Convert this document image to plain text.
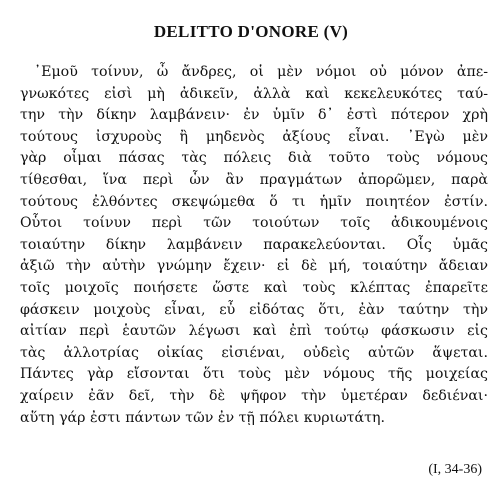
DELITTO D'ONORE (V)
᾽Εμοῦ τοίνυν, ὦ ἄνδρες, οἱ μὲν νόμοι οὐ μόνον ἀπε-
γνωκότες εἰσὶ μὴ ἀδικεῖν, ἀλλὰ καὶ κεκελευκότες ταύ-
την τὴν δίκην λαμβάνειν· ἐν ὑμῖν δ᾽ ἐστὶ πότερον χρὴ
τούτους ἰσχυροὺς ἢ μηδενὸς ἀξίους εἶναι. ᾽Εγὼ μὲν
γὰρ οἶμαι πάσας τὰς πόλεις διὰ τοῦτο τοὺς νόμους
τίθεσθαι, ἵνα περὶ ὧν ἂν πραγμάτων ἀπορῶμεν, παρὰ
τούτους ἐλθόντες σκεψώμεθα ὅ τι ἡμῖν ποιητέον ἐστίν.
Οὗτοι τοίνυν περὶ τῶν τοιούτων τοῖς ἀδικουμένοις
τοιαύτην δίκην λαμβάνειν παρακελεύονται. Οἷς ὑμᾶς
ἀξιῶ τὴν αὐτὴν γνώμην ἔχειν· εἰ δὲ μή, τοιαύτην ἄδειαν
τοῖς μοιχοῖς ποιήσετε ὥστε καὶ τοὺς κλέπτας ἐπαρεῖτε
φάσκειν μοιχοὺς εἶναι, εὖ εἰδότας ὅτι, ἐὰν ταύτην τὴν
αἰτίαν περὶ ἑαυτῶν λέγωσι καὶ ἐπὶ τούτῳ φάσκωσιν εἰς
τὰς ἀλλοτρίας οἰκίας εἰσιέναι, οὐδεὶς αὐτῶν ἅψεται.
Πάντες γὰρ εἴσονται ὅτι τοὺς μὲν νόμους τῆς μοιχείας
χαίρειν ἐᾶν δεῖ, τὴν δὲ ψῆφον τὴν ὑμετέραν δεδιέναι·
αὕτη γάρ ἐστι πάντων τῶν ἐν τῇ πόλει κυριωτάτη.
(I, 34-36)
